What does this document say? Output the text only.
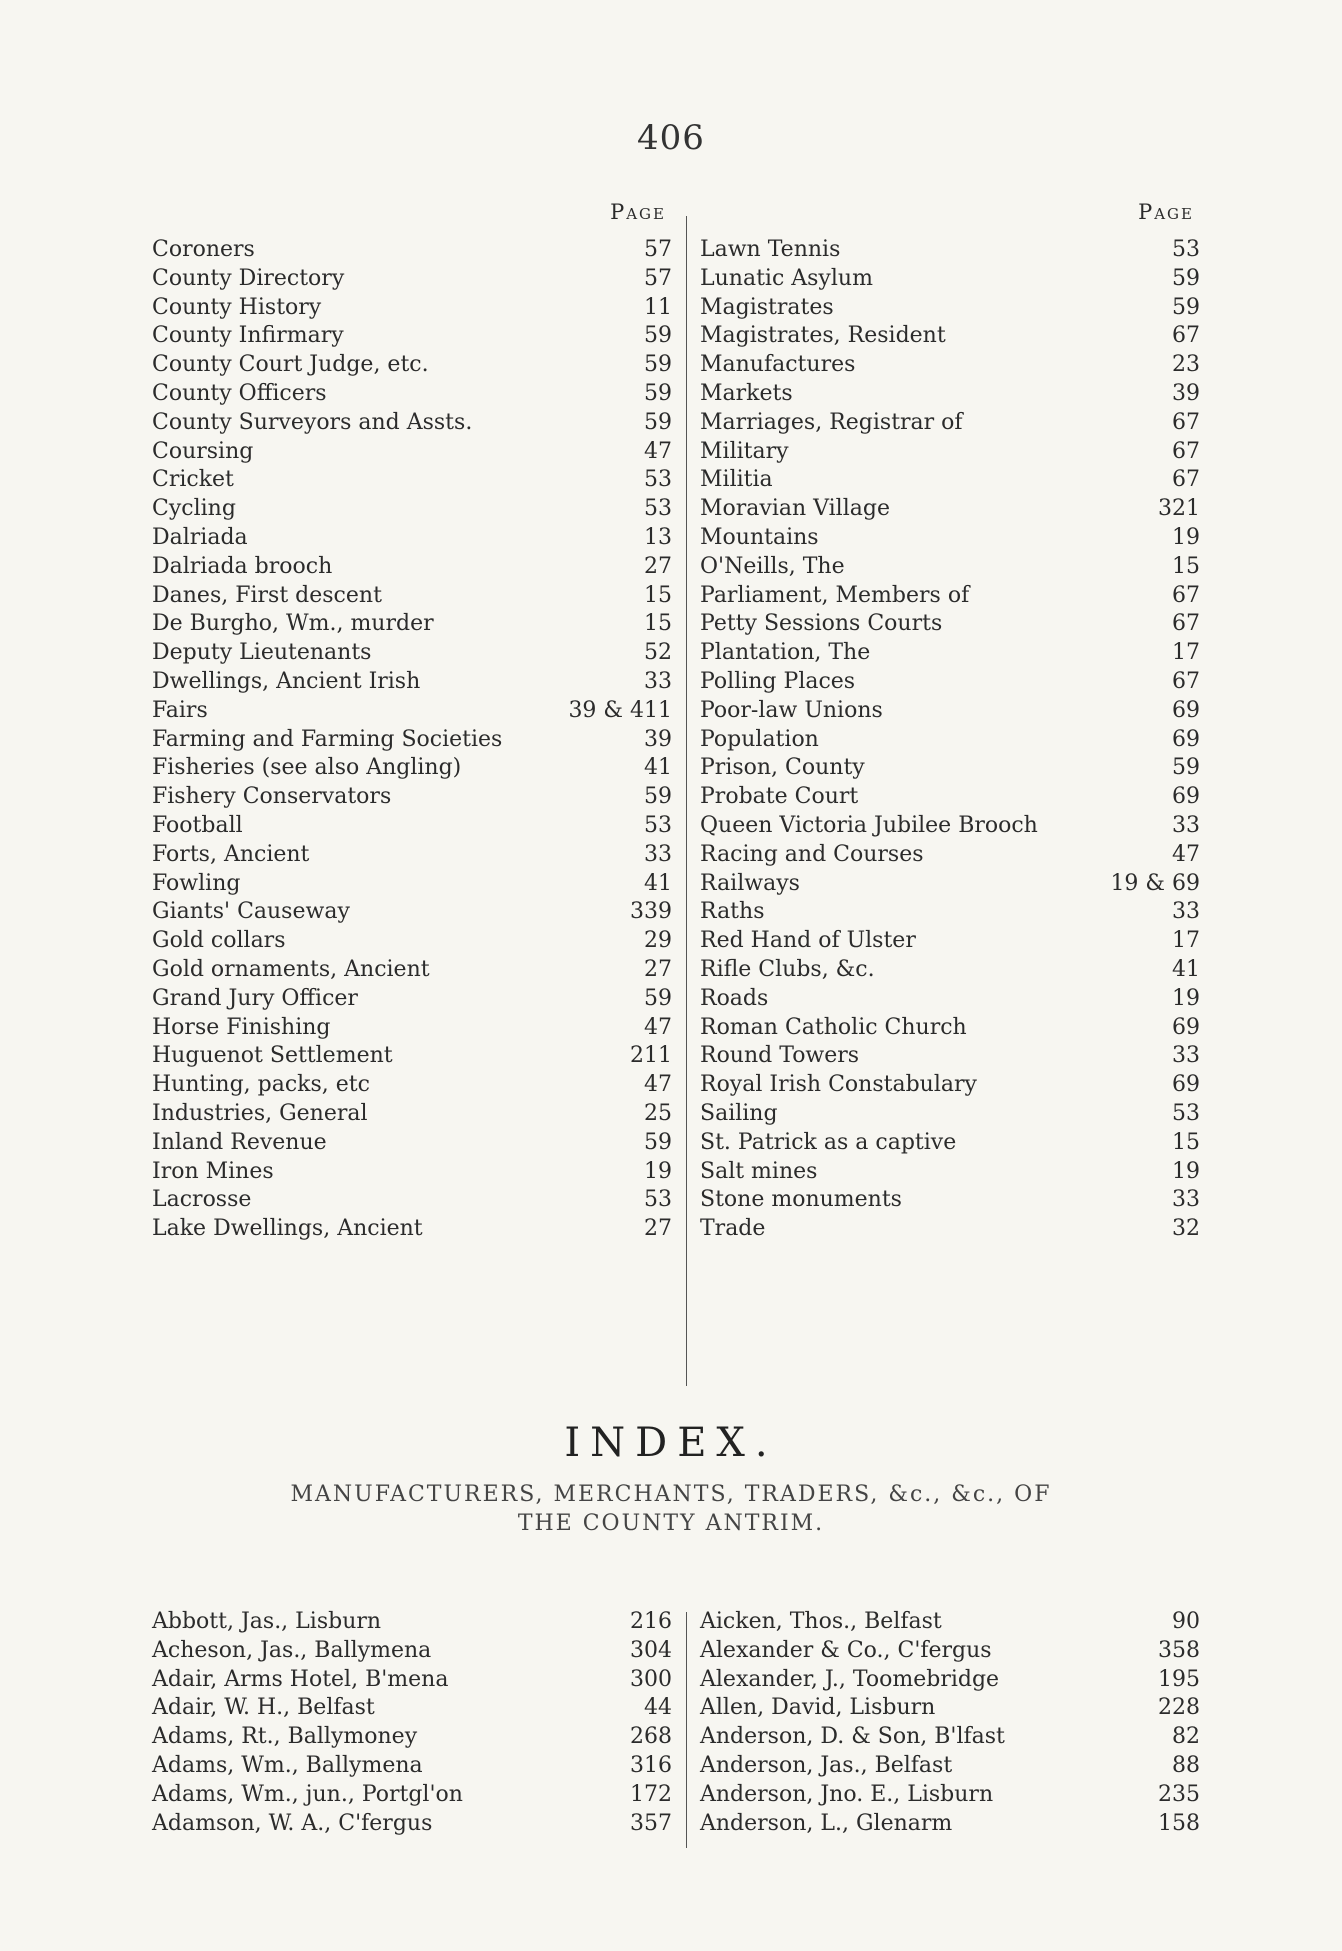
406
Page
Coroners	57
County Directory	57
County History	11
County Infirmary	59
County Court Judge, etc.	59
County Officers	59
County Surveyors and Assts.	59
Coursing	47
Cricket	53
Cycling	53
Dalriada	13
Dalriada brooch	27
Danes, First descent	15
De Burgho, Wm., murder	15
Deputy Lieutenants	52
Dwellings, Ancient Irish	33
Fairs	39 & 411
Farming and Farming Societies	39
Fisheries (see also Angling)	41
Fishery Conservators	59
Football	53
Forts, Ancient	33
Fowling	41
Giants' Causeway	339
Gold collars	29
Gold ornaments, Ancient	27
Grand Jury Officer	59
Horse Finishing	47
Huguenot Settlement	211
Hunting, packs, etc	47
Industries, General	25
Inland Revenue	59
Iron Mines	19
Lacrosse	53
Lake Dwellings, Ancient	27
Page
Lawn Tennis	53
Lunatic Asylum	59
Magistrates	59
Magistrates, Resident	67
Manufactures	23
Markets	39
Marriages, Registrar of	67
Military	67
Militia	67
Moravian Village	321
Mountains	19
O'Neills, The	15
Parliament, Members of	67
Petty Sessions Courts	67
Plantation, The	17
Polling Places	67
Poor-law Unions	69
Population	69
Prison, County	59
Probate Court	69
Queen Victoria Jubilee Brooch	33
Racing and Courses	47
Railways	19 & 69
Raths	33
Red Hand of Ulster	17
Rifle Clubs, &c.	41
Roads	19
Roman Catholic Church	69
Round Towers	33
Royal Irish Constabulary	69
Sailing	53
St. Patrick as a captive	15
Salt mines	19
Stone monuments	33
Trade	32
INDEX.
MANUFACTURERS, MERCHANTS, TRADERS, &c., &c., OF
THE COUNTY ANTRIM.
Abbott, Jas., Lisburn	216
Acheson, Jas., Ballymena	304
Adair, Arms Hotel, B'mena	300
Adair, W. H., Belfast	44
Adams, Rt., Ballymoney	268
Adams, Wm., Ballymena	316
Adams, Wm., jun., Portgl'on	172
Adamson, W. A., C'fergus	357
Aicken, Thos., Belfast	90
Alexander & Co., C'fergus	358
Alexander, J., Toomebridge	195
Allen, David, Lisburn	228
Anderson, D. & Son, B'lfast	82
Anderson, Jas., Belfast	88
Anderson, Jno. E., Lisburn	235
Anderson, L., Glenarm	158
